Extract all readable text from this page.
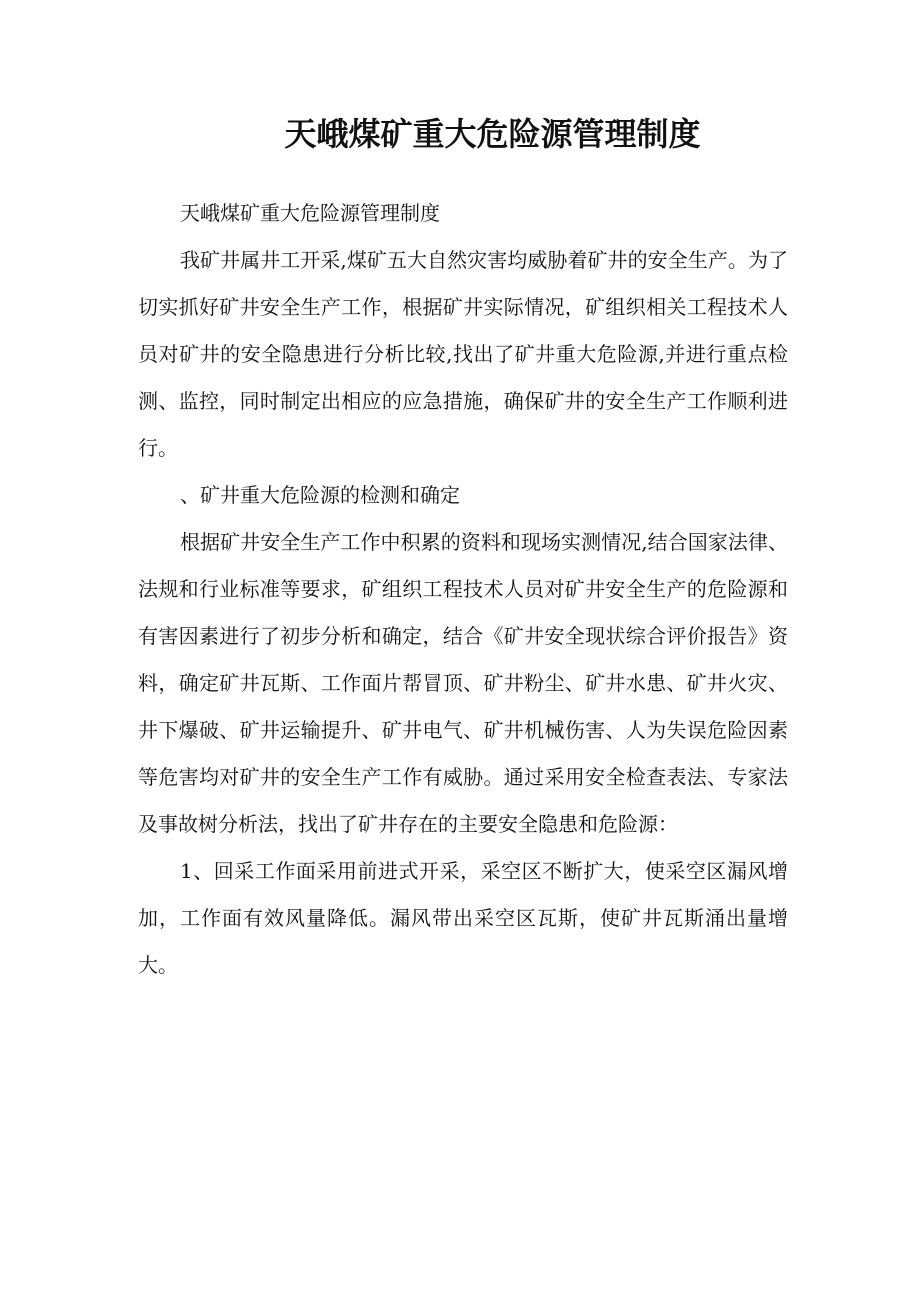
天峨煤矿重大危险源管理制度

天峨煤矿重大危险源管理制度

我矿井属井工开采,煤矿五大自然灾害均威胁着矿井的安全生产。为了切实抓好矿井安全生产工作，根据矿井实际情况，矿组织相关工程技术人员对矿井的安全隐患进行分析比较,找出了矿井重大危险源,并进行重点检测、监控，同时制定出相应的应急措施，确保矿井的安全生产工作顺利进行。

、矿井重大危险源的检测和确定

根据矿井安全生产工作中积累的资料和现场实测情况,结合国家法律、法规和行业标准等要求，矿组织工程技术人员对矿井安全生产的危险源和有害因素进行了初步分析和确定，结合《矿井安全现状综合评价报告》资料，确定矿井瓦斯、工作面片帮冒顶、矿井粉尘、矿井水患、矿井火灾、井下爆破、矿井运输提升、矿井电气、矿井机械伤害、人为失误危险因素等危害均对矿井的安全生产工作有威胁。通过采用安全检查表法、专家法及事故树分析法，找出了矿井存在的主要安全隐患和危险源：

1、回采工作面采用前进式开采，采空区不断扩大，使采空区漏风增加，工作面有效风量降低。漏风带出采空区瓦斯，使矿井瓦斯涌出量增大。
